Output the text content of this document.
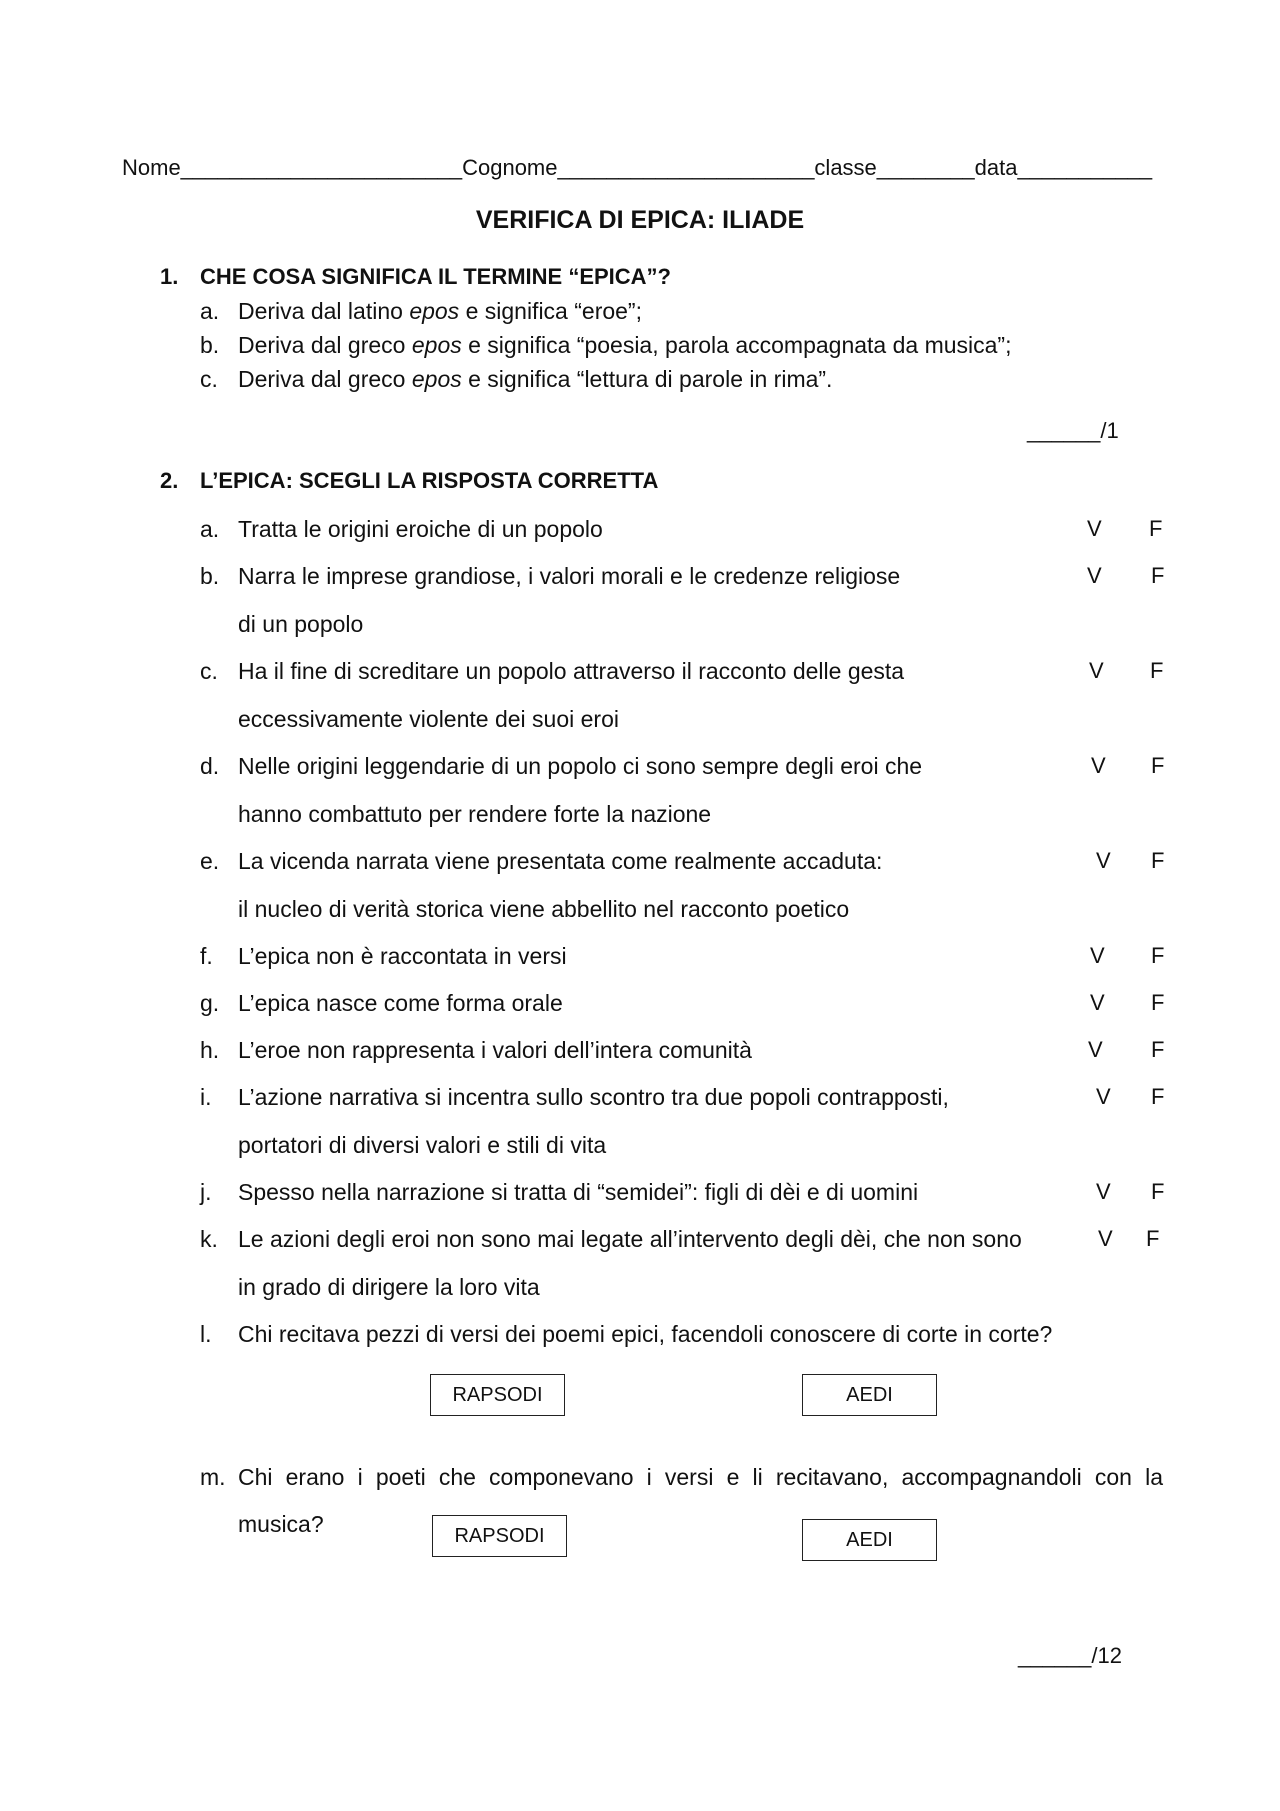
Nome_______________________Cognome_____________________classe________data___________
VERIFICA DI EPICA: ILIADE
1. CHE COSA SIGNIFICA IL TERMINE “EPICA”?
a. Deriva dal latino epos e significa “eroe”;
b. Deriva dal greco epos e significa “poesia, parola accompagnata da musica”;
c. Deriva dal greco epos e significa “lettura di parole in rima”.
______/1
2. L’EPICA: SCEGLI LA RISPOSTA CORRETTA
a. Tratta le origini eroiche di un popolo	V F
b. Narra le imprese grandiose, i valori morali e le credenze religiose
di un popolo
V F
c. Ha il fine di screditare un popolo attraverso il racconto delle gesta
eccessivamente violente dei suoi eroi
V F
d. Nelle origini leggendarie di un popolo ci sono sempre degli eroi che
hanno combattuto per rendere forte la nazione
V F
e. La vicenda narrata viene presentata come realmente accaduta:
il nucleo di verità storica viene abbellito nel racconto poetico
V F
f. L’epica non è raccontata in versi	V F
g. L’epica nasce come forma orale	V F
h. L’eroe non rappresenta i valori dell’intera comunità	V F
i. L’azione narrativa si incentra sullo scontro tra due popoli contrapposti,
portatori di diversi valori e stili di vita
V F
j. Spesso nella narrazione si tratta di “semidei”: figli di dèi e di uomini	V F
k. Le azioni degli eroi non sono mai legate all’intervento degli dèi, che non sono
in grado di dirigere la loro vita
V F
l. Chi recitava pezzi di versi dei poemi epici, facendoli conoscere di corte in corte?
RAPSODI	AEDI
m. Chi erano i poeti che componevano i versi e li recitavano, accompagnandoli con la
musica?	RAPSODI	AEDI
______/12
